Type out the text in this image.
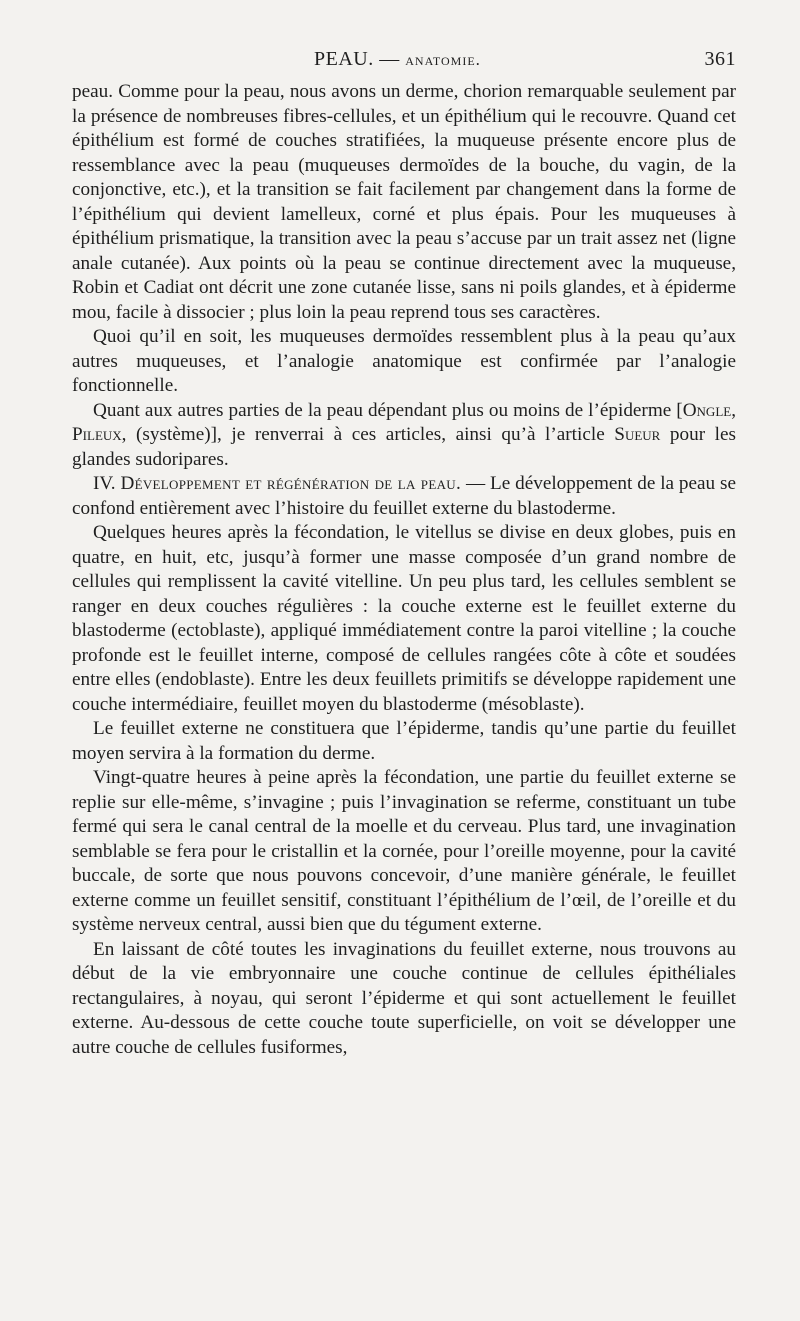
PEAU. — anatomie.	361

peau. Comme pour la peau, nous avons un derme, chorion remarquable seulement par la présence de nombreuses fibres-cellules, et un épithélium qui le recouvre. Quand cet épithélium est formé de couches stratifiées, la muqueuse présente encore plus de ressemblance avec la peau (muqueuses dermoïdes de la bouche, du vagin, de la conjonctive, etc.), et la transition se fait facilement par changement dans la forme de l’épithélium qui devient lamelleux, corné et plus épais. Pour les muqueuses à épithélium prismatique, la transition avec la peau s’accuse par un trait assez net (ligne anale cutanée). Aux points où la peau se continue directement avec la muqueuse, Robin et Cadiat ont décrit une zone cutanée lisse, sans ni poils glandes, et à épiderme mou, facile à dissocier ; plus loin la peau reprend tous ses caractères.

Quoi qu’il en soit, les muqueuses dermoïdes ressemblent plus à la peau qu’aux autres muqueuses, et l’analogie anatomique est confirmée par l’analogie fonctionnelle.

Quant aux autres parties de la peau dépendant plus ou moins de l’épiderme [Ongle, Pileux, (système)], je renverrai à ces articles, ainsi qu’à l’article Sueur pour les glandes sudoripares.

IV. Développement et régénération de la peau. — Le développement de la peau se confond entièrement avec l’histoire du feuillet externe du blastoderme.

Quelques heures après la fécondation, le vitellus se divise en deux globes, puis en quatre, en huit, etc, jusqu’à former une masse composée d’un grand nombre de cellules qui remplissent la cavité vitelline. Un peu plus tard, les cellules semblent se ranger en deux couches régulières : la couche externe est le feuillet externe du blastoderme (ectoblaste), appliqué immédiatement contre la paroi vitelline ; la couche profonde est le feuillet interne, composé de cellules rangées côte à côte et soudées entre elles (endoblaste). Entre les deux feuillets primitifs se développe rapidement une couche intermédiaire, feuillet moyen du blastoderme (mésoblaste).

Le feuillet externe ne constituera que l’épiderme, tandis qu’une partie du feuillet moyen servira à la formation du derme.

Vingt-quatre heures à peine après la fécondation, une partie du feuillet externe se replie sur elle-même, s’invagine ; puis l’invagination se referme, constituant un tube fermé qui sera le canal central de la moelle et du cerveau. Plus tard, une invagination semblable se fera pour le cristallin et la cornée, pour l’oreille moyenne, pour la cavité buccale, de sorte que nous pouvons concevoir, d’une manière générale, le feuillet externe comme un feuillet sensitif, constituant l’épithélium de l’œil, de l’oreille et du système nerveux central, aussi bien que du tégument externe.

En laissant de côté toutes les invaginations du feuillet externe, nous trouvons au début de la vie embryonnaire une couche continue de cellules épithéliales rectangulaires, à noyau, qui seront l’épiderme et qui sont actuellement le feuillet externe. Au-dessous de cette couche toute superficielle, on voit se développer une autre couche de cellules fusiformes,
